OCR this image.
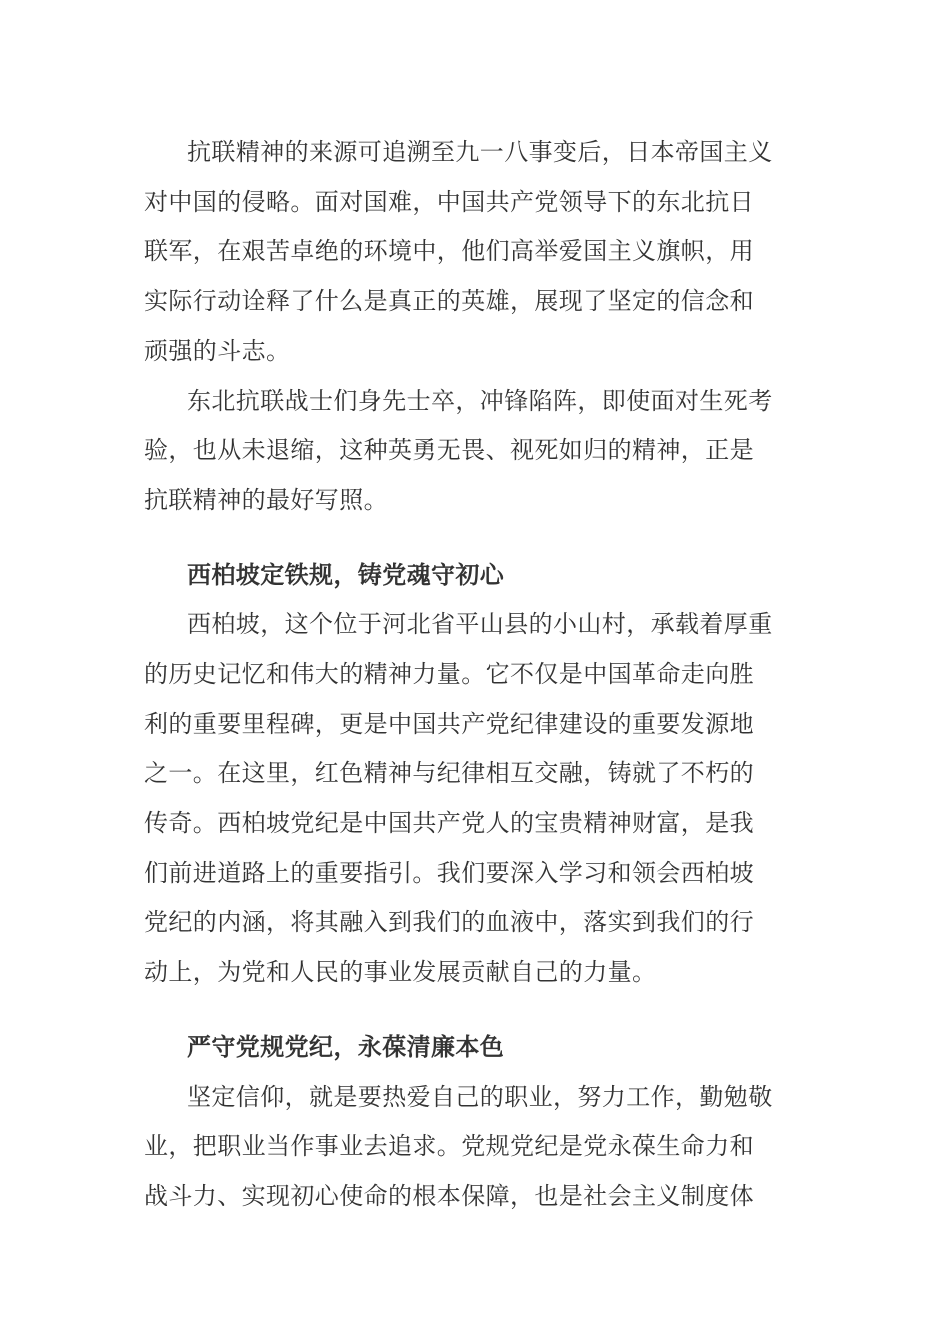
抗联精神的来源可追溯至九一八事变后，日本帝国主义
对中国的侵略。面对国难，中国共产党领导下的东北抗日
联军，在艰苦卓绝的环境中，他们高举爱国主义旗帜，用
实际行动诠释了什么是真正的英雄，展现了坚定的信念和
顽强的斗志。
东北抗联战士们身先士卒，冲锋陷阵，即使面对生死考
验，也从未退缩，这种英勇无畏、视死如归的精神，正是
抗联精神的最好写照。
西柏坡定铁规，铸党魂守初心
西柏坡，这个位于河北省平山县的小山村，承载着厚重
的历史记忆和伟大的精神力量。它不仅是中国革命走向胜
利的重要里程碑，更是中国共产党纪律建设的重要发源地
之一。在这里，红色精神与纪律相互交融，铸就了不朽的
传奇。西柏坡党纪是中国共产党人的宝贵精神财富，是我
们前进道路上的重要指引。我们要深入学习和领会西柏坡
党纪的内涵，将其融入到我们的血液中，落实到我们的行
动上，为党和人民的事业发展贡献自己的力量。
严守党规党纪，永葆清廉本色
坚定信仰，就是要热爱自己的职业，努力工作，勤勉敬
业，把职业当作事业去追求。党规党纪是党永葆生命力和
战斗力、实现初心使命的根本保障，也是社会主义制度体
